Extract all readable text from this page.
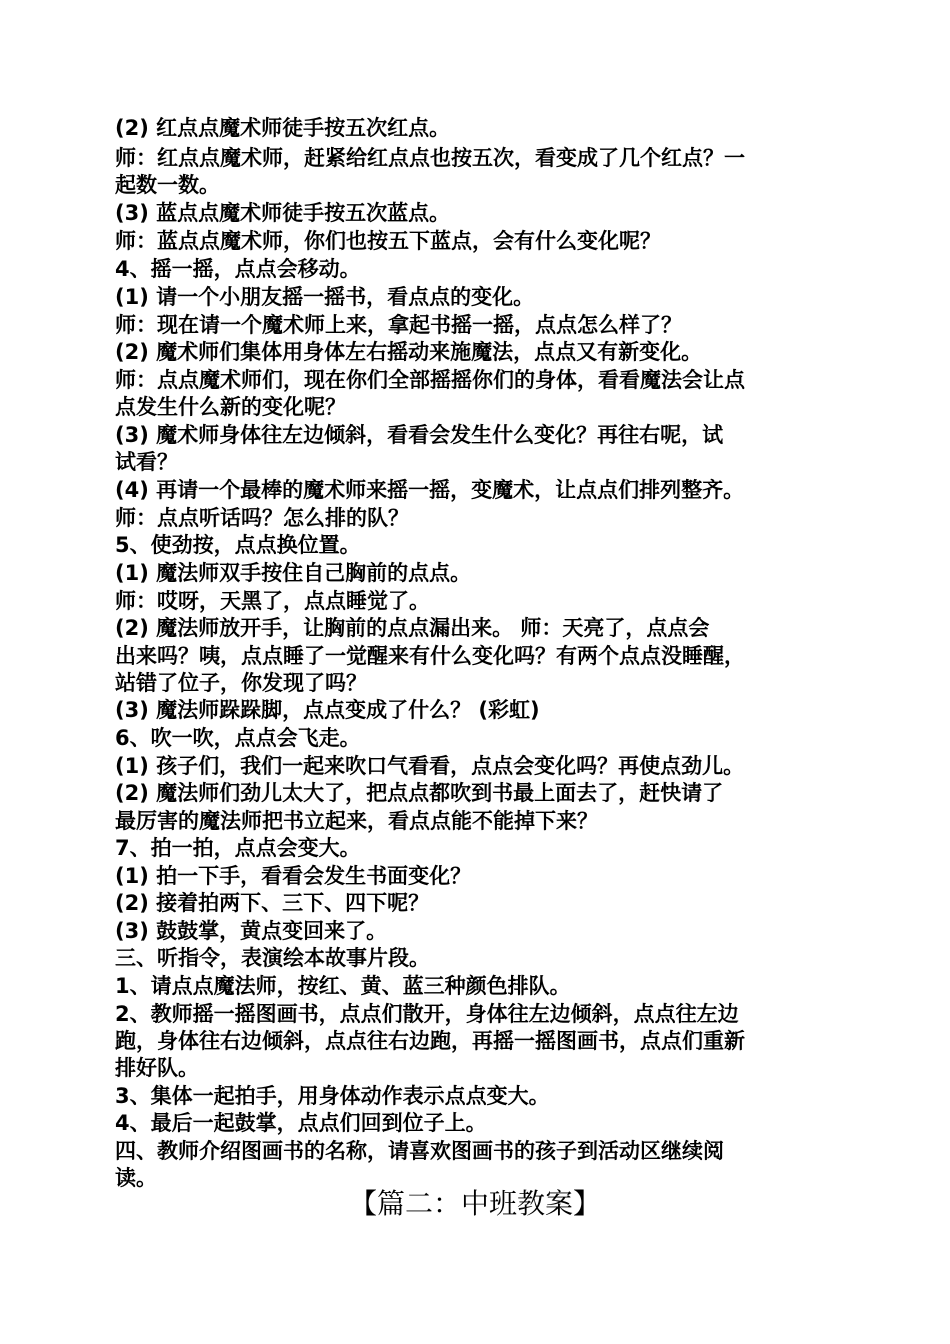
(2) 红点点魔术师徒手按五次红点。
师：红点点魔术师，赶紧给红点点也按五次，看变成了几个红点？一
起数一数。
(3) 蓝点点魔术师徒手按五次蓝点。
师：蓝点点魔术师，你们也按五下蓝点，会有什么变化呢？
4、摇一摇，点点会移动。
(1) 请一个小朋友摇一摇书，看点点的变化。
师：现在请一个魔术师上来，拿起书摇一摇，点点怎么样了？
(2) 魔术师们集体用身体左右摇动来施魔法，点点又有新变化。
师：点点魔术师们，现在你们全部摇摇你们的身体，看看魔法会让点
点发生什么新的变化呢？
(3) 魔术师身体往左边倾斜，看看会发生什么变化？再往右呢，试
试看？
(4) 再请一个最棒的魔术师来摇一摇，变魔术，让点点们排列整齐。
师：点点听话吗？怎么排的队？
5、使劲按，点点换位置。
(1) 魔法师双手按住自己胸前的点点。
师：哎呀，天黑了，点点睡觉了。
(2) 魔法师放开手，让胸前的点点漏出来。 师：天亮了，点点会
出来吗？咦，点点睡了一觉醒来有什么变化吗？有两个点点没睡醒，
站错了位子，你发现了吗？
(3) 魔法师跺跺脚，点点变成了什么？ (彩虹)
6、吹一吹，点点会飞走。
(1) 孩子们，我们一起来吹口气看看，点点会变化吗？再使点劲儿。
(2) 魔法师们劲儿太大了，把点点都吹到书最上面去了，赶快请了
最厉害的魔法师把书立起来，看点点能不能掉下来？
7、拍一拍，点点会变大。
(1) 拍一下手，看看会发生书面变化？
(2) 接着拍两下、三下、四下呢？
(3) 鼓鼓掌，黄点变回来了。
三、听指令，表演绘本故事片段。
1、请点点魔法师，按红、黄、蓝三种颜色排队。
2、教师摇一摇图画书，点点们散开，身体往左边倾斜，点点往左边
跑，身体往右边倾斜，点点往右边跑，再摇一摇图画书，点点们重新
排好队。
3、集体一起拍手，用身体动作表示点点变大。
4、最后一起鼓掌，点点们回到位子上。
四、教师介绍图画书的名称，请喜欢图画书的孩子到活动区继续阅
读。
【篇二：中班教案】
